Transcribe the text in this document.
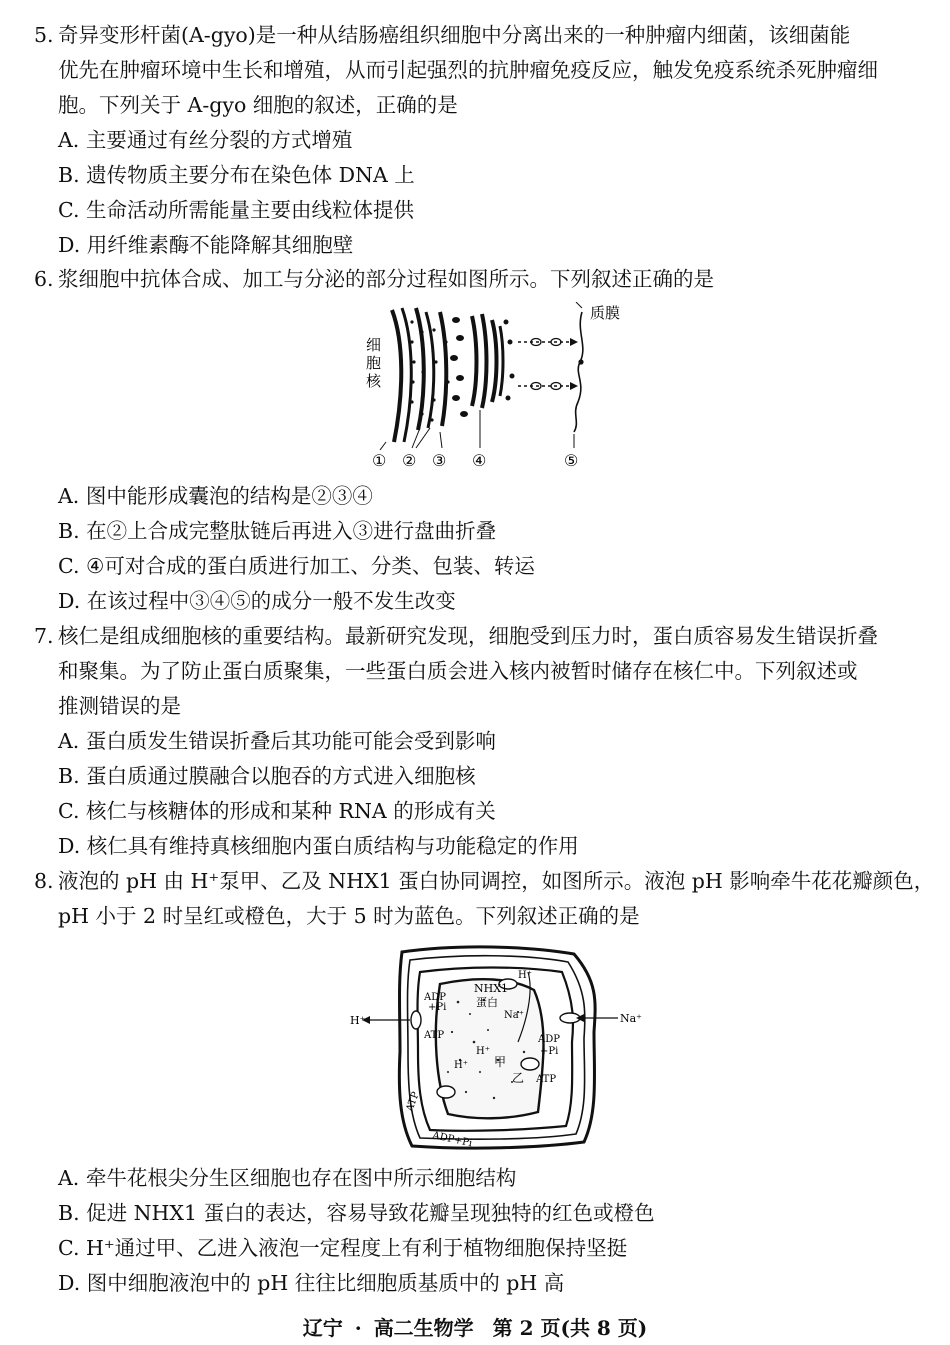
5. 奇异变形杆菌(A-gyo)是一种从结肠癌组织细胞中分离出来的一种肿瘤内细菌，该细菌能
优先在肿瘤环境中生长和增殖，从而引起强烈的抗肿瘤免疫反应，触发免疫系统杀死肿瘤细
胞。下列关于 A-gyo 细胞的叙述，正确的是
A. 主要通过有丝分裂的方式增殖
B. 遗传物质主要分布在染色体 DNA 上
C. 生命活动所需能量主要由线粒体提供
D. 用纤维素酶不能降解其细胞壁
6. 浆细胞中抗体合成、加工与分泌的部分过程如图所示。下列叙述正确的是
细
胞
核
质膜
① ② ③ ④	⑤
A. 图中能形成囊泡的结构是②③④
B. 在②上合成完整肽链后再进入③进行盘曲折叠
C. ④可对合成的蛋白质进行加工、分类、包装、转运
D. 在该过程中③④⑤的成分一般不发生改变
7. 核仁是组成细胞核的重要结构。最新研究发现，细胞受到压力时，蛋白质容易发生错误折叠
和聚集。为了防止蛋白质聚集，一些蛋白质会进入核内被暂时储存在核仁中。下列叙述或
推测错误的是
A. 蛋白质发生错误折叠后其功能可能会受到影响
B. 蛋白质通过膜融合以胞吞的方式进入细胞核
C. 核仁与核糖体的形成和某种 RNA 的形成有关
D. 核仁具有维持真核细胞内蛋白质结构与功能稳定的作用
8. 液泡的 pH 由 H⁺泵甲、乙及 NHX1 蛋白协同调控，如图所示。液泡 pH 影响牵牛花花瓣颜色，
pH 小于 2 时呈红或橙色，大于 5 时为蓝色。下列叙述正确的是
NHX1
蛋白
H⁺
Na⁺
H⁺
ADP
+Pi
ATP
Na⁺
ADP
+Pi
ATP
乙
H⁺ 甲
H⁺
ATP
ADP+Pi
A. 牵牛花根尖分生区细胞也存在图中所示细胞结构
B. 促进 NHX1 蛋白的表达，容易导致花瓣呈现独特的红色或橙色
C. H⁺通过甲、乙进入液泡一定程度上有利于植物细胞保持坚挺
D. 图中细胞液泡中的 pH 往往比细胞质基质中的 pH 高
辽宁 · 高二生物学 第 2 页(共 8 页)
